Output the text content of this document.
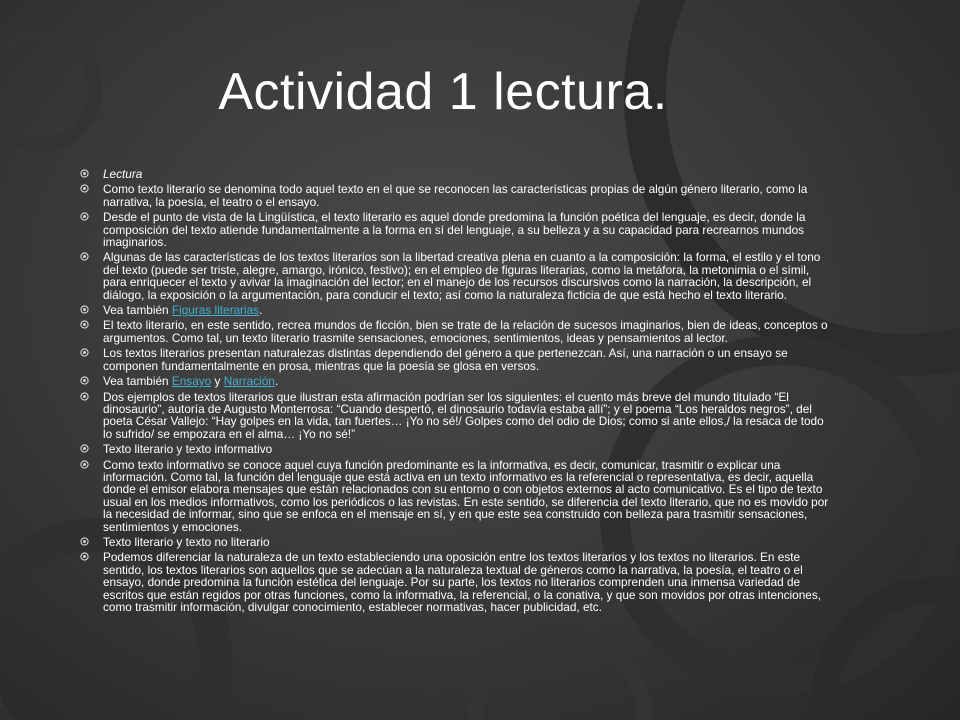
Actividad 1 lectura.
Lectura
Como texto literario se denomina todo aquel texto en el que se reconocen las características propias de algún género literario, como la narrativa, la poesía, el teatro o el ensayo.
Desde el punto de vista de la Lingüística, el texto literario es aquel donde predomina la función poética del lenguaje, es decir, donde la composición del texto atiende fundamentalmente a la forma en sí del lenguaje, a su belleza y a su capacidad para recrearnos mundos imaginarios.
Algunas de las características de los textos literarios son la libertad creativa plena en cuanto a la composición: la forma, el estilo y el tono del texto (puede ser triste, alegre, amargo, irónico, festivo); en el empleo de figuras literarias, como la metáfora, la metonimia o el símil, para enriquecer el texto y avivar la imaginación del lector; en el manejo de los recursos discursivos como la narración, la descripción, el diálogo, la exposición o la argumentación, para conducir el texto; así como la naturaleza ficticia de que está hecho el texto literario.
Vea también Figuras literarias.
El texto literario, en este sentido, recrea mundos de ficción, bien se trate de la relación de sucesos imaginarios, bien de ideas, conceptos o argumentos. Como tal, un texto literario trasmite sensaciones, emociones, sentimientos, ideas y pensamientos al lector.
Los textos literarios presentan naturalezas distintas dependiendo del género a que pertenezcan. Así, una narración o un ensayo se componen fundamentalmente en prosa, mientras que la poesía se glosa en versos.
Vea también Ensayo y Narración.
Dos ejemplos de textos literarios que ilustran esta afirmación podrían ser los siguientes: el cuento más breve del mundo titulado “El dinosaurio”, autoría de Augusto Monterrosa: “Cuando despertó, el dinosaurio todavía estaba allí”; y el poema “Los heraldos negros”, del poeta César Vallejo: “Hay golpes en la vida, tan fuertes… ¡Yo no sé!/ Golpes como del odio de Dios; como si ante ellos,/ la resaca de todo lo sufrido/ se empozara en el alma… ¡Yo no sé!”
Texto literario y texto informativo
Como texto informativo se conoce aquel cuya función predominante es la informativa, es decir, comunicar, trasmitir o explicar una información. Como tal, la función del lenguaje que está activa en un texto informativo es la referencial o representativa, es decir, aquella donde el emisor elabora mensajes que están relacionados con su entorno o con objetos externos al acto comunicativo. Es el tipo de texto usual en los medios informativos, como los periódicos o las revistas. En este sentido, se diferencia del texto literario, que no es movido por la necesidad de informar, sino que se enfoca en el mensaje en sí, y en que este sea construido con belleza para trasmitir sensaciones, sentimientos y emociones.
Texto literario y texto no literario
Podemos diferenciar la naturaleza de un texto estableciendo una oposición entre los textos literarios y los textos no literarios. En este sentido, los textos literarios son aquellos que se adecúan a la naturaleza textual de géneros como la narrativa, la poesía, el teatro o el ensayo, donde predomina la función estética del lenguaje. Por su parte, los textos no literarios comprenden una inmensa variedad de escritos que están regidos por otras funciones, como la informativa, la referencial, o la conativa, y que son movidos por otras intenciones, como trasmitir información, divulgar conocimiento, establecer normativas, hacer publicidad, etc.
